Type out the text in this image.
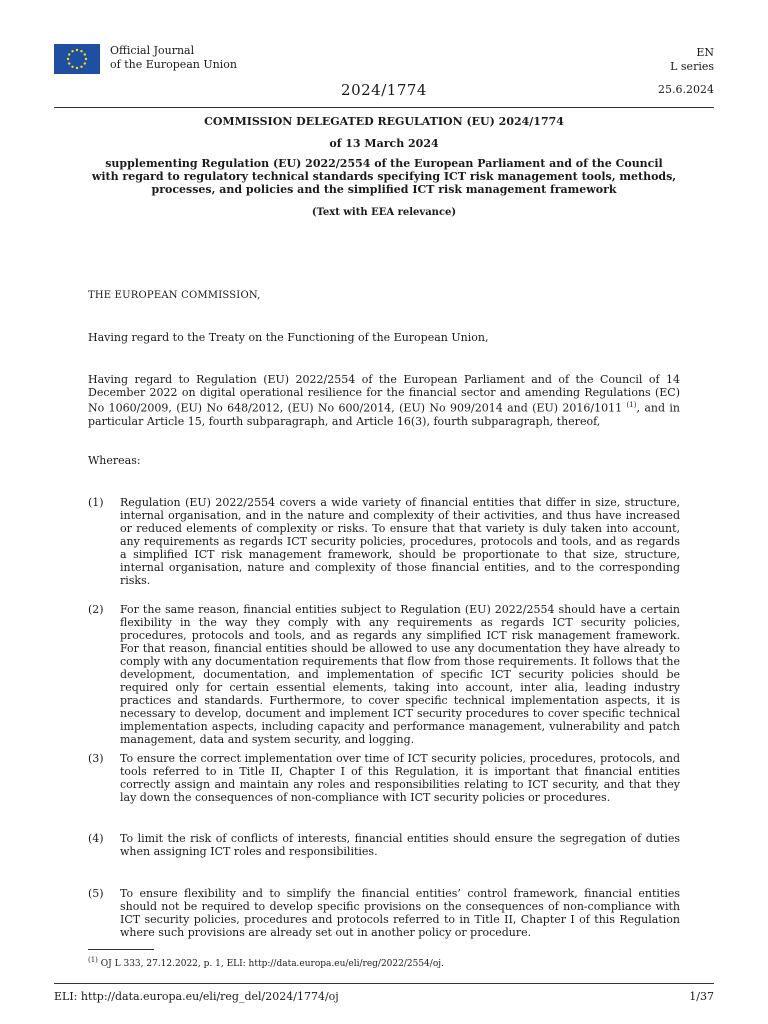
Official Journal
of the European Union
EN
L series
2024/1774	25.6.2024
COMMISSION DELEGATED REGULATION (EU) 2024/1774
of 13 March 2024
supplementing Regulation (EU) 2022/2554 of the European Parliament and of the Council with regard to regulatory technical standards specifying ICT risk management tools, methods, processes, and policies and the simplified ICT risk management framework
(Text with EEA relevance)
THE EUROPEAN COMMISSION,
Having regard to the Treaty on the Functioning of the European Union,
Having regard to Regulation (EU) 2022/2554 of the European Parliament and of the Council of 14 December 2022 on digital operational resilience for the financial sector and amending Regulations (EC) No 1060/2009, (EU) No 648/2012, (EU) No 600/2014, (EU) No 909/2014 and (EU) 2016/1011 $^{(1)}$, and in particular Article 15, fourth subparagraph, and Article 16(3), fourth subparagraph, thereof,
Whereas:
(1)	Regulation (EU) 2022/2554 covers a wide variety of financial entities that differ in size, structure, internal organisation, and in the nature and complexity of their activities, and thus have increased or reduced elements of complexity or risks. To ensure that that variety is duly taken into account, any requirements as regards ICT security policies, procedures, protocols and tools, and as regards a simplified ICT risk management framework, should be proportionate to that size, structure, internal organisation, nature and complexity of those financial entities, and to the corresponding risks.
(2)	For the same reason, financial entities subject to Regulation (EU) 2022/2554 should have a certain flexibility in the way they comply with any requirements as regards ICT security policies, procedures, protocols and tools, and as regards any simplified ICT risk management framework. For that reason, financial entities should be allowed to use any documentation they have already to comply with any documentation requirements that flow from those requirements. It follows that the development, documentation, and implementation of specific ICT security policies should be required only for certain essential elements, taking into account, inter alia, leading industry practices and standards. Furthermore, to cover specific technical implementation aspects, it is necessary to develop, document and implement ICT security procedures to cover specific technical implementation aspects, including capacity and performance management, vulnerability and patch management, data and system security, and logging.
(3)	To ensure the correct implementation over time of ICT security policies, procedures, protocols, and tools referred to in Title II, Chapter I of this Regulation, it is important that financial entities correctly assign and maintain any roles and responsibilities relating to ICT security, and that they lay down the consequences of non-compliance with ICT security policies or procedures.
(4)	To limit the risk of conflicts of interests, financial entities should ensure the segregation of duties when assigning ICT roles and responsibilities.
(5)	To ensure flexibility and to simplify the financial entities’ control framework, financial entities should not be required to develop specific provisions on the consequences of non-compliance with ICT security policies, procedures and protocols referred to in Title II, Chapter I of this Regulation where such provisions are already set out in another policy or procedure.
$^{(1)}$ OJ L 333, 27.12.2022, p. 1, ELI: http://data.europa.eu/eli/reg/2022/2554/oj.
ELI: http://data.europa.eu/eli/reg_del/2024/1774/oj	1/37
